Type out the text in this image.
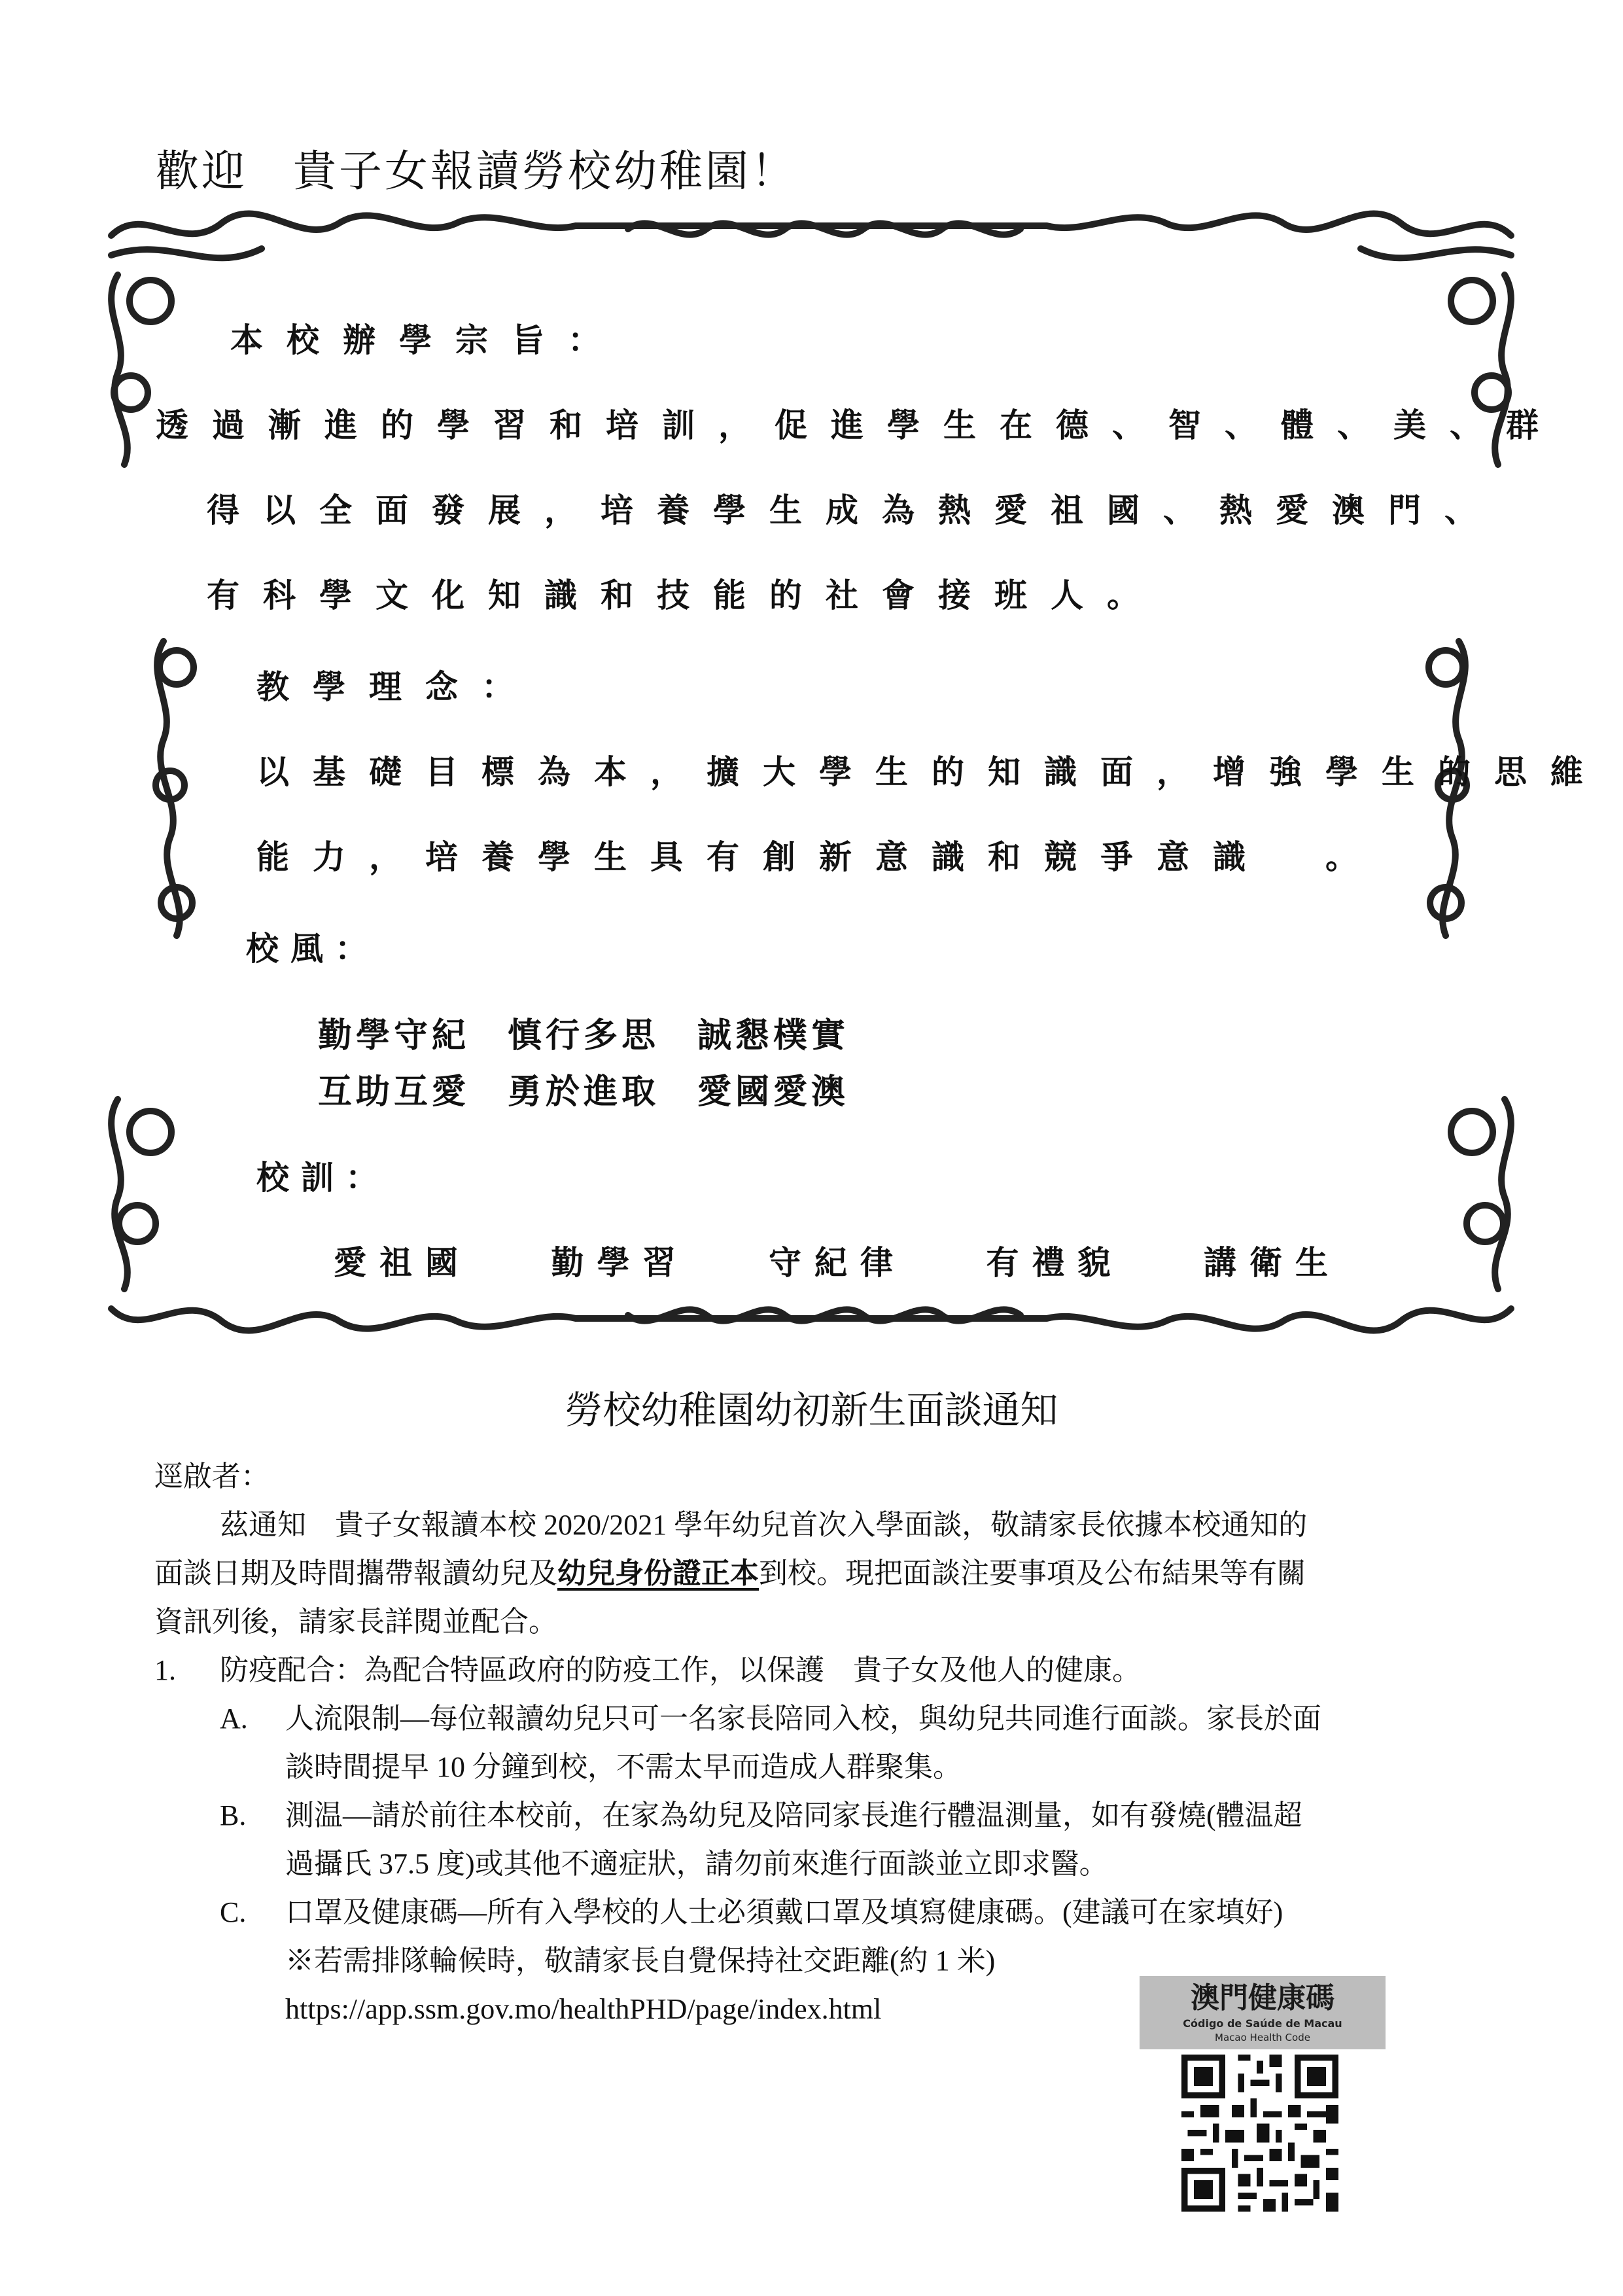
歡迎　貴子女報讀勞校幼稚園！
本校辦學宗旨：
透過漸進的學習和培訓，促進學生在德、智、體、美、群
得以全面發展，培養學生成為熱愛祖國、熱愛澳門、
有科學文化知識和技能的社會接班人。
教學理念：
以基礎目標為本，擴大學生的知識面，增強學生的思維
能力，培養學生具有創新意識和競爭意識　。
校風：
勤學守紀　慎行多思　誠懇樸實
互助互愛　勇於進取　愛國愛澳
校訓：
愛祖國 勤學習 守紀律 有禮貌 講衛生
勞校幼稚園幼初新生面談通知
逕啟者：
茲通知　貴子女報讀本校 2020/2021 學年幼兒首次入學面談，敬請家長依據本校通知的
面談日期及時間攜帶報讀幼兒及幼兒身份證正本到校。現把面談注要事項及公布結果等有關
資訊列後，請家長詳閱並配合。
1. 防疫配合：為配合特區政府的防疫工作，以保護　貴子女及他人的健康。
A. 人流限制—每位報讀幼兒只可一名家長陪同入校，與幼兒共同進行面談。家長於面
談時間提早 10 分鐘到校，不需太早而造成人群聚集。
B. 測温—請於前往本校前，在家為幼兒及陪同家長進行體温測量，如有發燒(體温超
過攝氏 37.5 度)或其他不適症狀，請勿前來進行面談並立即求醫。
C. 口罩及健康碼—所有入學校的人士必須戴口罩及填寫健康碼。(建議可在家填好)
※若需排隊輪候時，敬請家長自覺保持社交距離(約 1 米)
https://app.ssm.gov.mo/healthPHD/page/index.html	澳門健康碼
Código de Saúde de Macau
Macao Health Code
